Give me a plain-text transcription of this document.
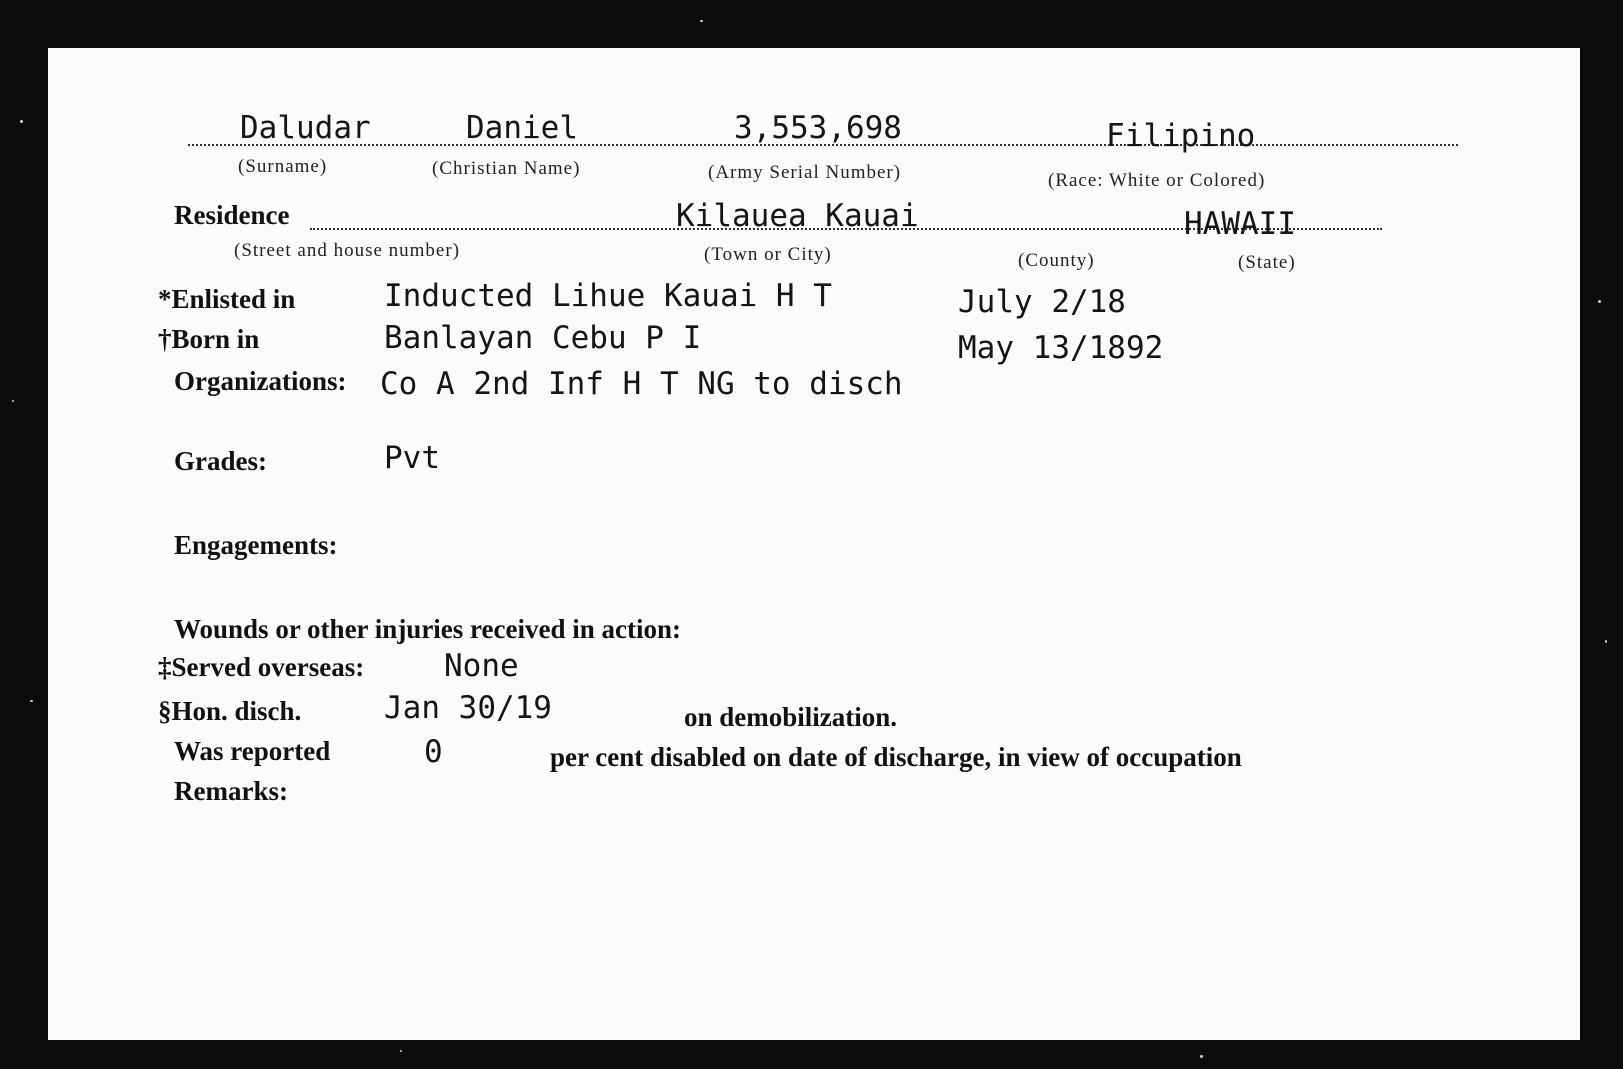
Daludar	Daniel	3,553,698	Filipino
(Surname)	(Christian Name)	(Army Serial Number)	(Race: White or Colored)
Residence	Kilauea Kauai	HAWAII
(Street and house number)	(Town or City)	(County)	(State)
*Enlisted in	Inducted Lihue Kauai H T	July 2/18
†Born in	Banlayan Cebu P I	May 13/1892
Organizations: Co A 2nd Inf H T NG to disch
Grades:	Pvt
Engagements:
Wounds or other injuries received in action:
‡Served overseas:	None
§Hon. disch.	Jan 30/19	on demobilization.
Was reported	0	per cent disabled on date of discharge, in view of occupation
Remarks:
